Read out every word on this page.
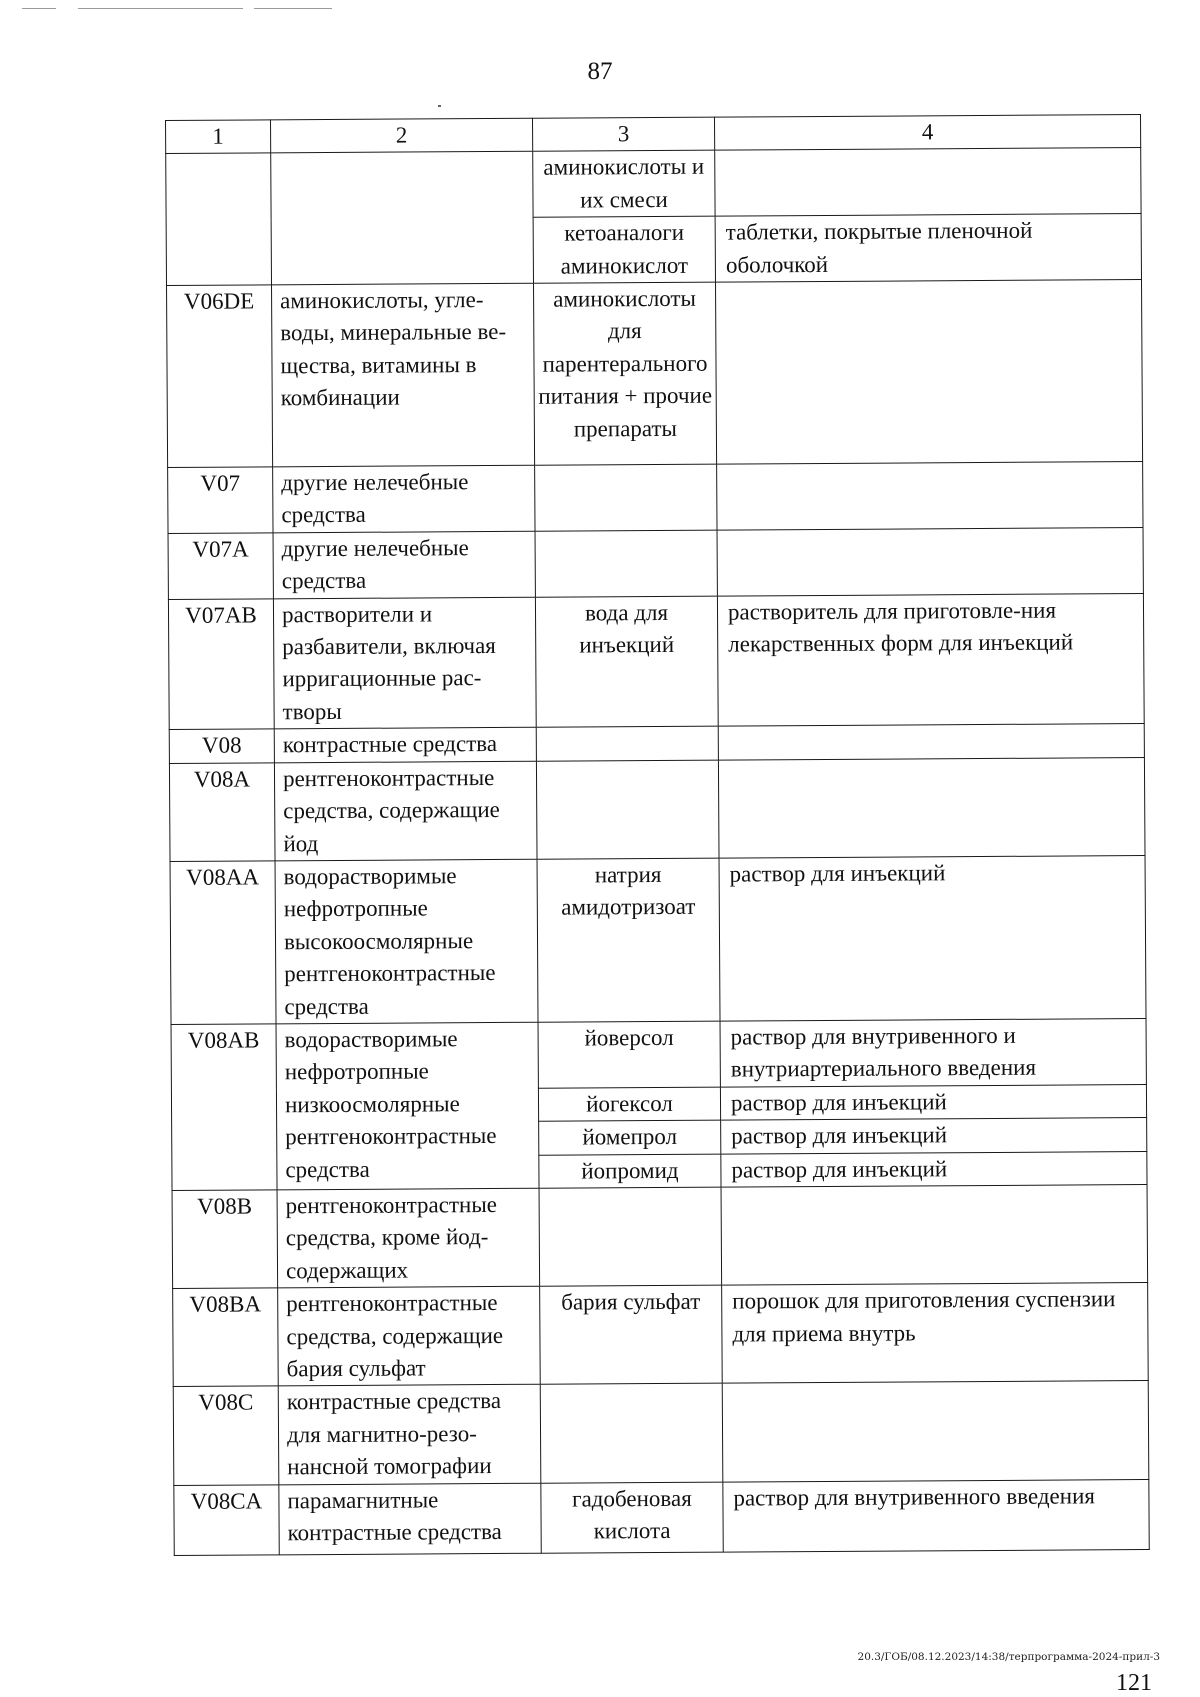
87
1	2	3	4
		аминокислоты и их смеси	
		кетоаналоги аминокислот	таблетки, покрытые пленочной оболочкой
V06DE	аминокислоты, угле-воды, минеральные ве-щества, витамины в комбинации	аминокислоты для парентерального питания + прочие препараты	
V07	другие нелечебные средства		
V07A	другие нелечебные средства		
V07AB	растворители и разбавители, включая ирригационные рас-творы	вода для инъекций	растворитель для приготовле-ния лекарственных форм для инъекций
V08	контрастные средства		
V08A	рентгеноконтрастные средства, содержащие йод		
V08AA	водорастворимые нефротропные высокоосмолярные рентгеноконтрастные средства	натрия амидотризоат	раствор для инъекций
V08AB	водорастворимые нефротропные низкоосмолярные рентгеноконтрастные средства	йоверсол	раствор для внутривенного и внутриартериального введения
		йогексол	раствор для инъекций
		йомепрол	раствор для инъекций
		йопромид	раствор для инъекций
V08B	рентгеноконтрастные средства, кроме йод-содержащих		
V08BA	рентгеноконтрастные средства, содержащие бария сульфат	бария сульфат	порошок для приготовления суспензии для приема внутрь
V08C	контрастные средства для магнитно-резо-нансной томографии		
V08CA	парамагнитные контрастные средства	гадобеновая кислота	раствор для внутривенного введения
20.3/ГОБ/08.12.2023/14:38/терпрограмма-2024-прил-3
121
